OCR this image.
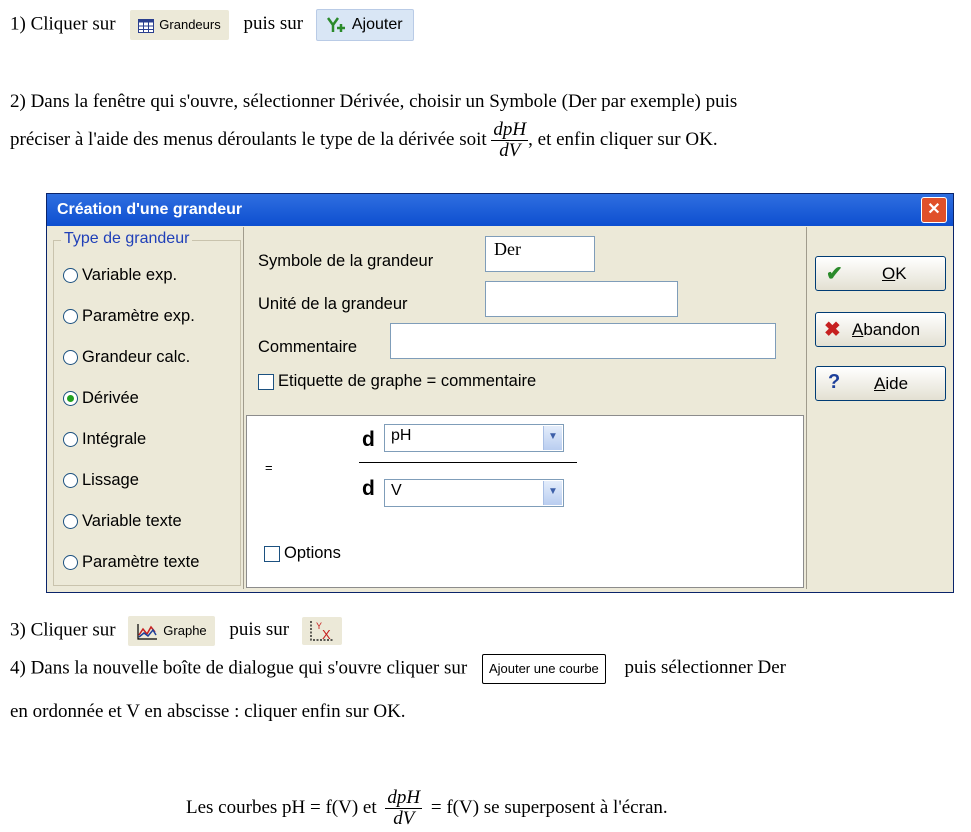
1) Cliquer sur	Grandeurs puis sur	Ajouter
2) Dans la fenêtre qui s'ouvre, sélectionner Dérivée, choisir un Symbole (Der par exemple) puis
préciser à l'aide des menus déroulants le type de la dérivée soit $\frac{\text{dpH}}{dV}$ , et enfin cliquer sur OK.
Création d'une grandeur	✕
Type de grandeur
Variable exp.
Paramètre exp.
Grandeur calc.
Dérivée
Intégrale
Lissage
Variable texte
Paramètre texte
Symbole de la grandeur
Der
Unité de la grandeur
Commentaire
Etiquette de graphe = commentaire
=
d	pH	▼
d	V	▼
Options
✔ OK
✖ Abandon
? Aide
3) Cliquer sur	Graphe puis sur	Y
X
4) Dans la nouvelle boîte de dialogue qui s'ouvre cliquer sur Ajouter une courbe puis sélectionner Der
en ordonnée et V en abscisse : cliquer enfin sur OK.
Les courbes pH = f(V) et $\frac{\text{dpH}}{dV} = f(V)$ se superposent à l'écran.
